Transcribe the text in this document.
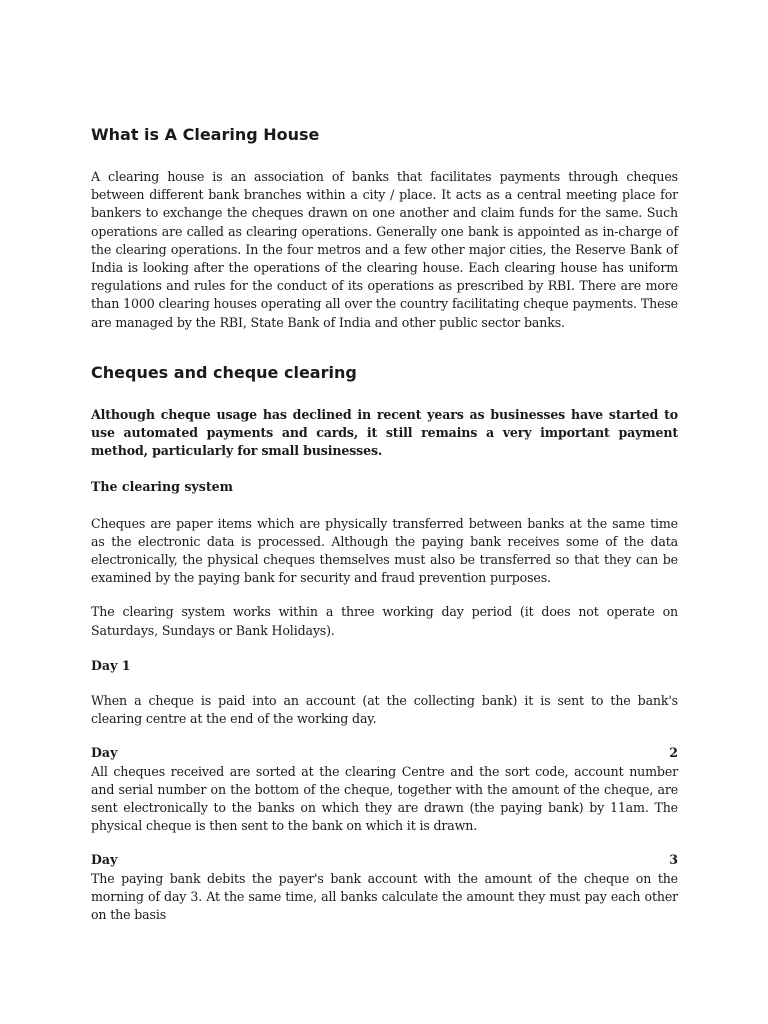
What is A Clearing House

A clearing house is an association of banks that facilitates payments through cheques between different bank branches within a city / place. It acts as a central meeting place for bankers to exchange the cheques drawn on one another and claim funds for the same. Such operations are called as clearing operations. Generally one bank is appointed as in-charge of the clearing operations. In the four metros and a few other major cities, the Reserve Bank of India is looking after the operations of the clearing house. Each clearing house has uniform regulations and rules for the conduct of its operations as prescribed by RBI. There are more than 1000 clearing houses operating all over the country facilitating cheque payments. These are managed by the RBI, State Bank of India and other public sector banks.

Cheques and cheque clearing

Although cheque usage has declined in recent years as businesses have started to use automated payments and cards, it still remains a very important payment method, particularly for small businesses.

The clearing system

Cheques are paper items which are physically transferred between banks at the same time as the electronic data is processed. Although the paying bank receives some of the data electronically, the physical cheques themselves must also be transferred so that they can be examined by the paying bank for security and fraud prevention purposes.

The clearing system works within a three working day period (it does not operate on Saturdays, Sundays or Bank Holidays).

Day 1

When a cheque is paid into an account (at the collecting bank) it is sent to the bank's clearing centre at the end of the working day.

Day	2

All cheques received are sorted at the clearing Centre and the sort code, account number and serial number on the bottom of the cheque, together with the amount of the cheque, are sent electronically to the banks on which they are drawn (the paying bank) by 11am. The physical cheque is then sent to the bank on which it is drawn.

Day	3

The paying bank debits the payer's bank account with the amount of the cheque on the morning of day 3. At the same time, all banks calculate the amount they must pay each other on the basis
